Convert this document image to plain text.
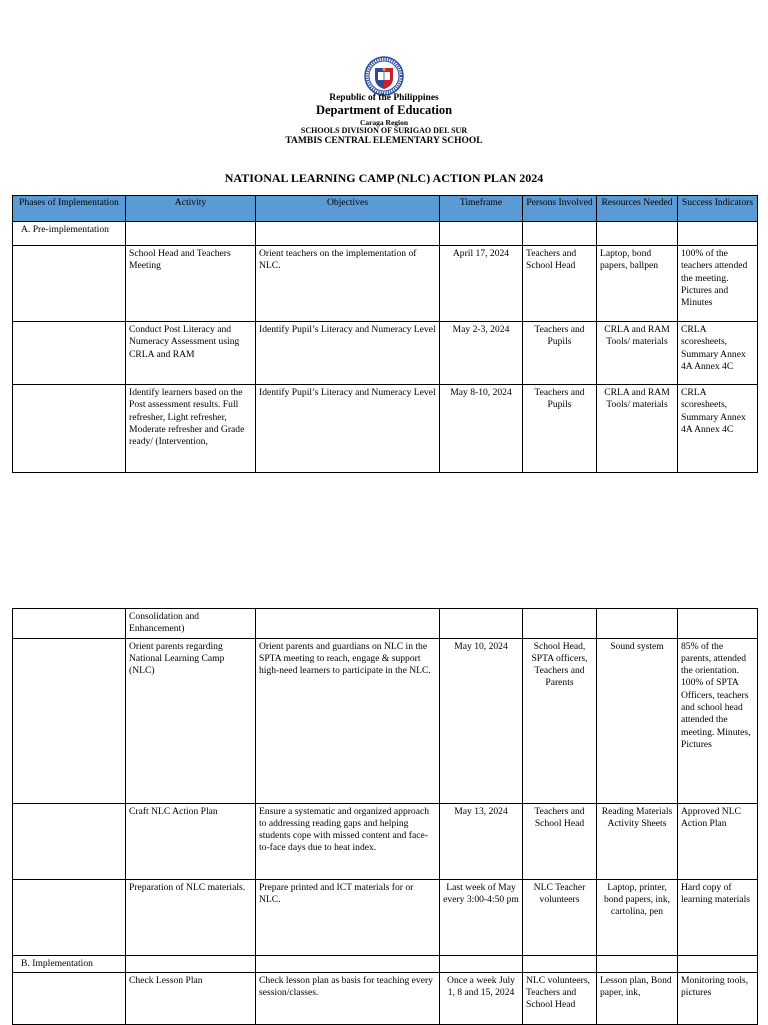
Republic of the Philippines
Department of Education
Caraga Region
SCHOOLS DIVISION OF SURIGAO DEL SUR
TAMBIS CENTRAL ELEMENTARY SCHOOL
NATIONAL LEARNING CAMP (NLC) ACTION PLAN 2024
Phases of Implementation	Activity	Objectives	Timeframe	Persons Involved	Resources Needed	Success Indicators
A. Pre-implementation						
	School Head and Teachers Meeting	Orient teachers on the implementation of NLC.	April 17, 2024	Teachers and School Head	Laptop, bond papers, ballpen	100% of the teachers attended the meeting. Pictures and Minutes
	Conduct Post Literacy and Numeracy Assessment using CRLA and RAM	Identify Pupil’s Literacy and Numeracy Level	May 2-3, 2024	Teachers and Pupils	CRLA and RAM Tools/ materials	CRLA scoresheets, Summary Annex 4A Annex 4C
	Identify learners based on the Post assessment results. Full refresher, Light refresher, Moderate refresher and Grade ready/ (Intervention,	Identify Pupil’s Literacy and Numeracy Level	May 8-10, 2024	Teachers and Pupils	CRLA and RAM Tools/ materials	CRLA scoresheets, Summary Annex 4A Annex 4C
	Consolidation and Enhancement)					
	Orient parents regarding National Learning Camp (NLC)	Orient parents and guardians on NLC in the SPTA meeting to reach, engage & support high-need learners to participate in the NLC.	May 10, 2024	School Head, SPTA officers, Teachers and Parents	Sound system	85% of the parents, attended the orientation. 100% of SPTA Officers, teachers and school head attended the meeting. Minutes, Pictures
	Craft NLC Action Plan	Ensure a systematic and organized approach to addressing reading gaps and helping students cope with missed content and face-to-face days due to heat index.	May 13, 2024	Teachers and School Head	Reading Materials Activity Sheets	Approved NLC Action Plan
	Preparation of NLC materials.	Prepare printed and ICT materials for or NLC.	Last week of May every 3:00-4:50 pm	NLC Teacher volunteers	Laptop, printer, bond papers, ink, cartolina, pen	Hard copy of learning materials
B. Implementation						
	Check Lesson Plan	Check lesson plan as basis for teaching every session/classes.	Once a week July 1, 8 and 15, 2024	NLC volunteers, Teachers and School Head	Lesson plan, Bond paper, ink,	Monitoring tools, pictures
